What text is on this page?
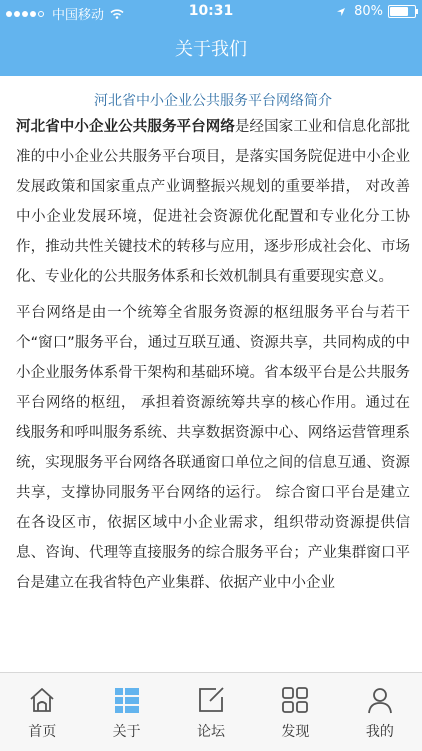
中国移动	10:31	80%
关于我们
河北省中小企业公共服务平台网络简介

河北省中小企业公共服务平台网络是经国家工业和信息化部批准的中小企业公共服务平台项目，是落实国务院促进中小企业发展政策和国家重点产业调整振兴规划的重要举措， 对改善中小企业发展环境，促进社会资源优化配置和专业化分工协作，推动共性关键技术的转移与应用，逐步形成社会化、市场化、专业化的公共服务体系和长效机制具有重要现实意义。

平台网络是由一个统筹全省服务资源的枢纽服务平台与若干个“窗口”服务平台，通过互联互通、资源共享，共同构成的中小企业服务体系骨干架构和基础环境。省本级平台是公共服务平台网络的枢纽， 承担着资源统筹共享的核心作用。通过在线服务和呼叫服务系统、共享数据资源中心、网络运营管理系统，实现服务平台网络各联通窗口单位之间的信息互通、资源共享，支撑协同服务平台网络的运行。 综合窗口平台是建立在各设区市，依据区域中小企业需求，组织带动资源提供信息、咨询、代理等直接服务的综合服务平台；产业集群窗口平台是建立在我省特色产业集群、依据产业中小企业

首页	关于	论坛	发现	我的
